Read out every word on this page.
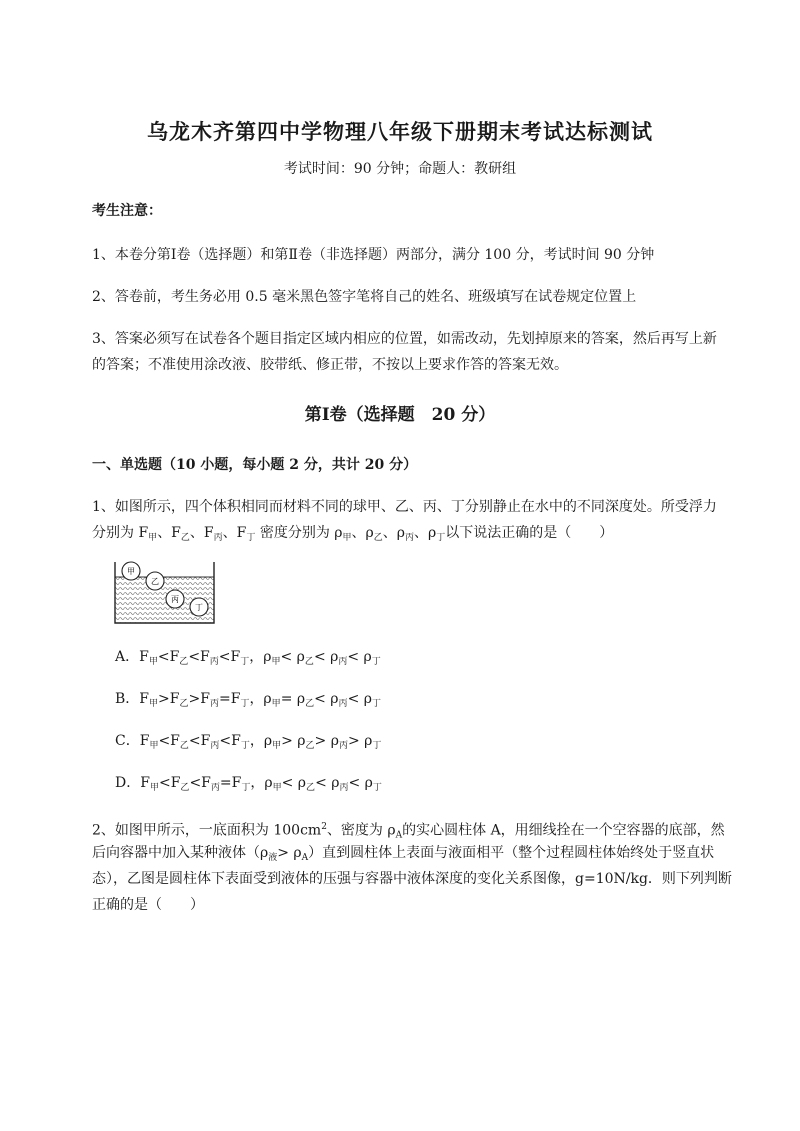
乌龙木齐第四中学物理八年级下册期末考试达标测试
考试时间：90 分钟；命题人：教研组
考生注意：
1、本卷分第Ⅰ卷（选择题）和第Ⅱ卷（非选择题）两部分，满分 100 分，考试时间 90 分钟
2、答卷前，考生务必用 0.5 毫米黑色签字笔将自己的姓名、班级填写在试卷规定位置上
3、答案必须写在试卷各个题目指定区域内相应的位置，如需改动，先划掉原来的答案，然后再写上新
的答案；不准使用涂改液、胶带纸、修正带，不按以上要求作答的答案无效。
第Ⅰ卷（选择题　20 分）
一、单选题（10 小题，每小题 2 分，共计 20 分）
1、如图所示，四个体积相同而材料不同的球甲、乙、丙、丁分别静止在水中的不同深度处。所受浮力
分别为 $F_甲$、$F_乙$、$F_丙$、$F_丁$ 密度分别为 $\rho_甲$、$\rho_乙$、$\rho_丙$、$\rho_丁$以下说法正确的是（　　）
甲
乙
丙
丁
A．$F_甲<F_乙<F_丙<F_丁$，$\rho_甲< \rho_乙< \rho_丙< \rho_丁$
B．$F_甲>F_乙>F_丙=F_丁$，$\rho_甲= \rho_乙< \rho_丙< \rho_丁$
C．$F_甲<F_乙<F_丙<F_丁$，$\rho_甲> \rho_乙> \rho_丙> \rho_丁$
D．$F_甲<F_乙<F_丙=F_丁$，$\rho_甲< \rho_乙< \rho_丙< \rho_丁$
2、如图甲所示，一底面积为 $100cm^2$、密度为 $\rho_A$的实心圆柱体 A，用细线拴在一个空容器的底部，然
后向容器中加入某种液体$(\rho_液> \rho_A)$直到圆柱体上表面与液面相平（整个过程圆柱体始终处于竖直状
态），乙图是圆柱体下表面受到液体的压强与容器中液体深度的变化关系图像，g=10N/kg．则下列判断
正确的是（　　）
